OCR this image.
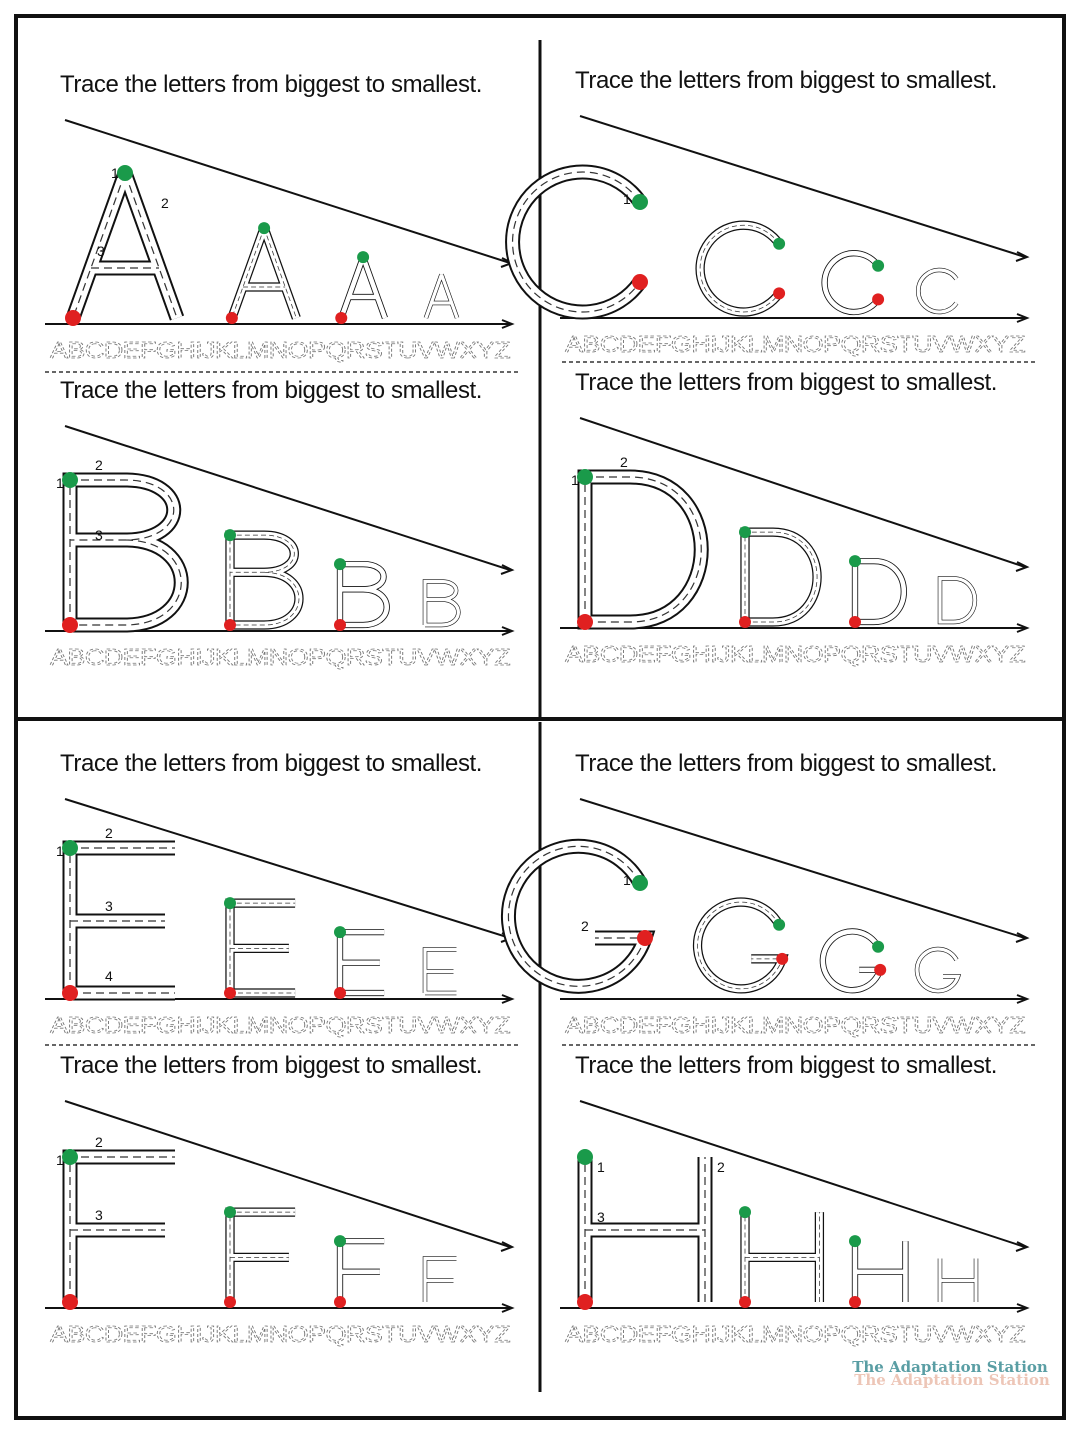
Trace the letters from biggest to smallest.
1
2
3
ABCDEFGHIJKLMNOPQRSTUVWXYZ
Trace the letters from biggest to smallest.
1
2
3
ABCDEFGHIJKLMNOPQRSTUVWXYZ
Trace the letters from biggest to smallest.
1
ABCDEFGHIJKLMNOPQRSTUVWXYZ
Trace the letters from biggest to smallest.
1
2
ABCDEFGHIJKLMNOPQRSTUVWXYZ
Trace the letters from biggest to smallest.
1
2
3
4
ABCDEFGHIJKLMNOPQRSTUVWXYZ
Trace the letters from biggest to smallest.
1
2
3
ABCDEFGHIJKLMNOPQRSTUVWXYZ
Trace the letters from biggest to smallest.
1
2
ABCDEFGHIJKLMNOPQRSTUVWXYZ
Trace the letters from biggest to smallest.
1	2
3
ABCDEFGHIJKLMNOPQRSTUVWXYZ
The Adaptation Station
The Adaptation Station
